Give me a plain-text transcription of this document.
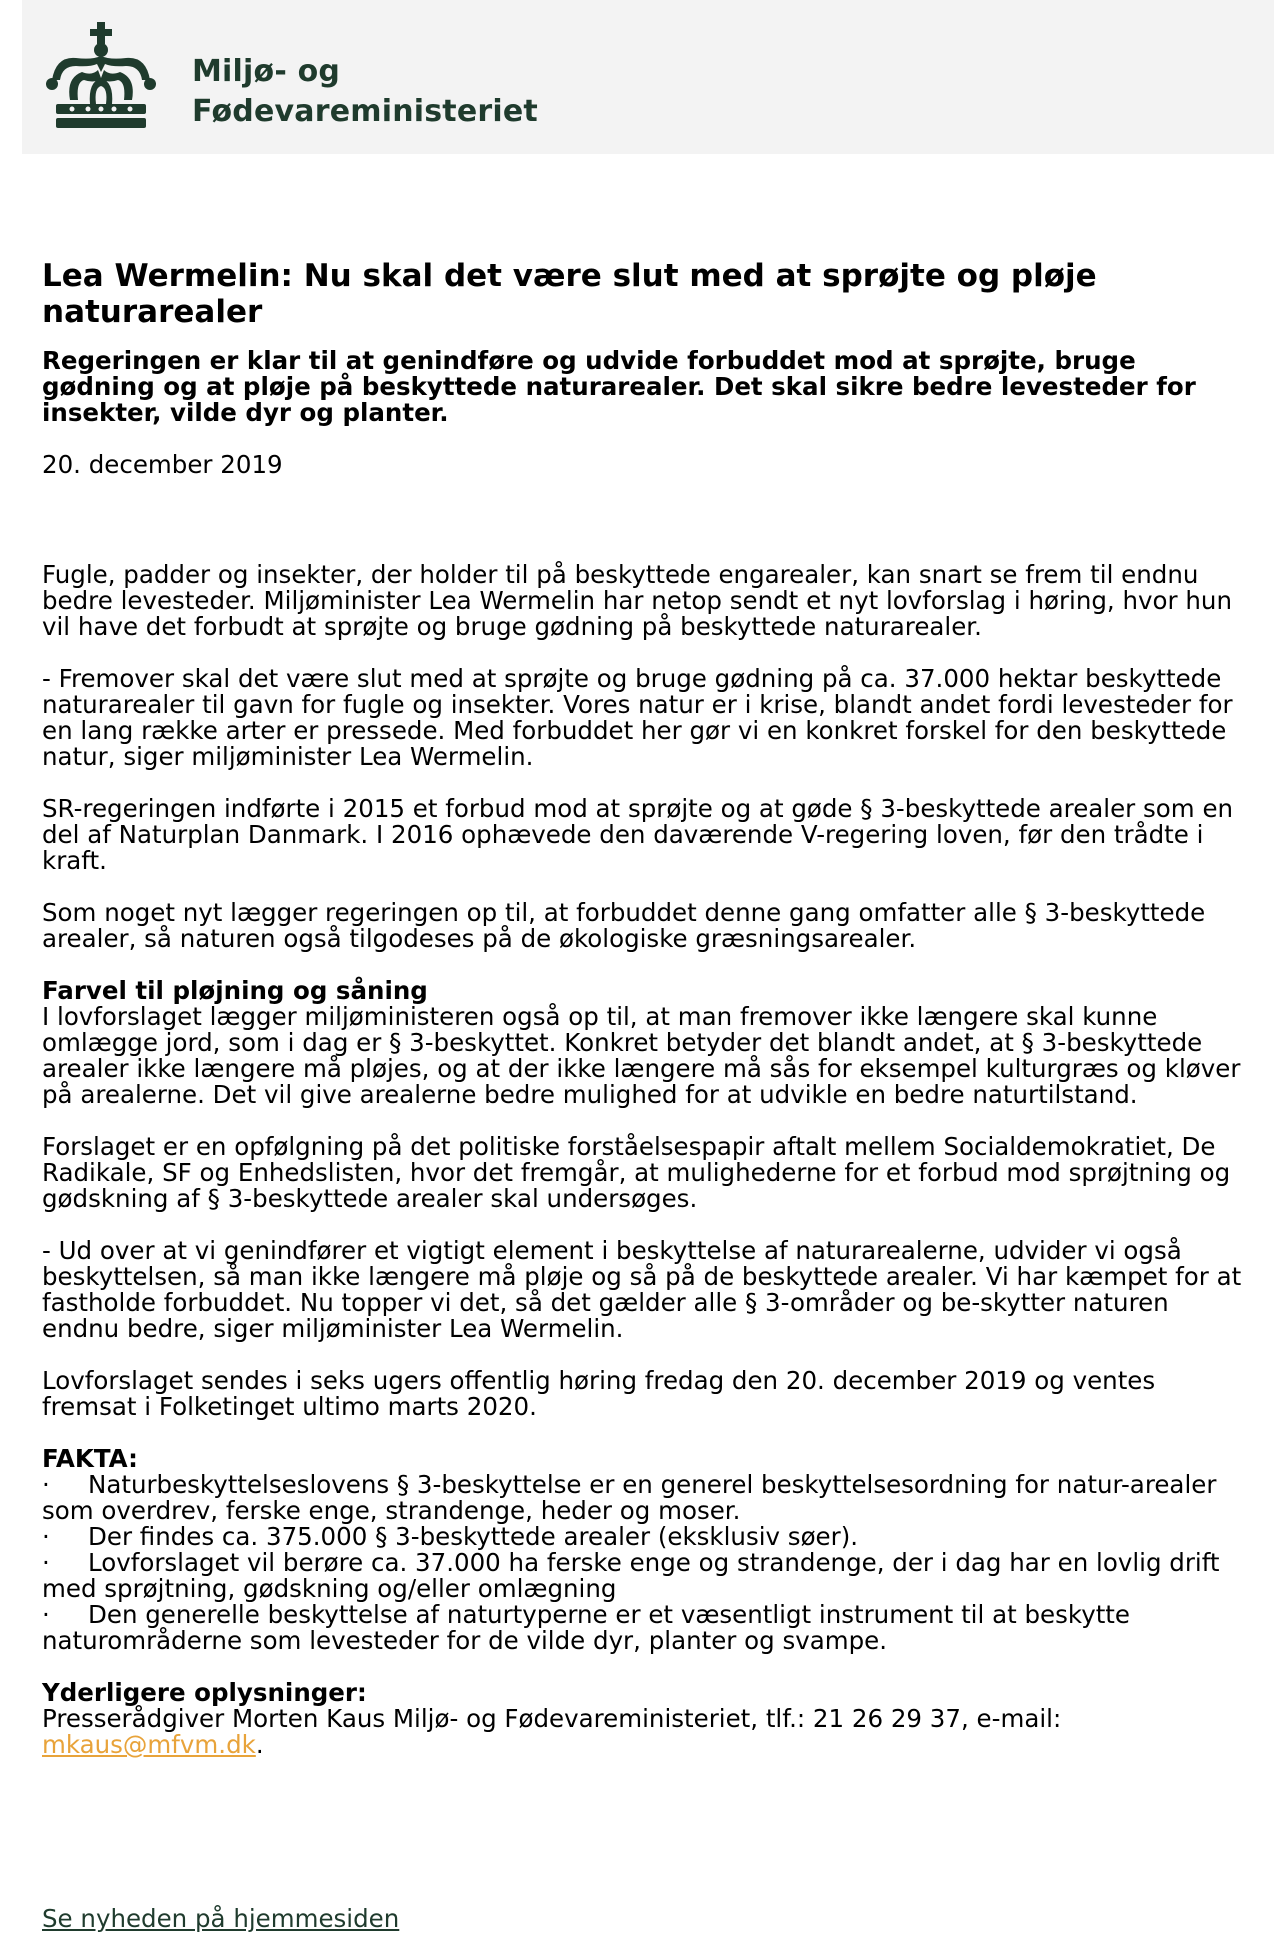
Miljø- og
Fødevareministeriet
Lea Wermelin: Nu skal det være slut med at sprøjte og pløje naturarealer

Regeringen er klar til at genindføre og udvide forbuddet mod at sprøjte, bruge gødning og at pløje på beskyttede naturarealer. Det skal sikre bedre levesteder for insekter, vilde dyr og planter.

20. december 2019

Fugle, padder og insekter, der holder til på beskyttede engarealer, kan snart se frem til endnu bedre levesteder. Miljøminister Lea Wermelin har netop sendt et nyt lovforslag i høring, hvor hun vil have det forbudt at sprøjte og bruge gødning på beskyttede naturarealer.

- Fremover skal det være slut med at sprøjte og bruge gødning på ca. 37.000 hektar beskyttede naturarealer til gavn for fugle og insekter. Vores natur er i krise, blandt andet fordi levesteder for en lang række arter er pressede. Med forbuddet her gør vi en konkret forskel for den beskyttede natur, siger miljøminister Lea Wermelin.

SR-regeringen indførte i 2015 et forbud mod at sprøjte og at gøde § 3-beskyttede arealer som en del af Naturplan Danmark. I 2016 ophævede den daværende V-regering loven, før den trådte i kraft.

Som noget nyt lægger regeringen op til, at forbuddet denne gang omfatter alle § 3-beskyttede arealer, så naturen også tilgodeses på de økologiske græsningsarealer.

Farvel til pløjning og såning

I lovforslaget lægger miljøministeren også op til, at man fremover ikke længere skal kunne omlægge jord, som i dag er § 3-beskyttet. Konkret betyder det blandt andet, at § 3-beskyttede arealer ikke længere må pløjes, og at der ikke længere må sås for eksempel kulturgræs og kløver på arealerne. Det vil give arealerne bedre mulighed for at udvikle en bedre naturtilstand.

Forslaget er en opfølgning på det politiske forståelsespapir aftalt mellem Socialdemokratiet, De Radikale, SF og Enhedslisten, hvor det fremgår, at mulighederne for et forbud mod sprøjtning og gødskning af § 3-beskyttede arealer skal undersøges.

- Ud over at vi genindfører et vigtigt element i beskyttelse af naturarealerne, udvider vi også beskyttelsen, så man ikke længere må pløje og så på de beskyttede arealer. Vi har kæmpet for at fastholde forbuddet. Nu topper vi det, så det gælder alle § 3-områder og be-skytter naturen endnu bedre, siger miljøminister Lea Wermelin.

Lovforslaget sendes i seks ugers offentlig høring fredag den 20. december 2019 og ventes fremsat i Folketinget ultimo marts 2020.

FAKTA:

· Naturbeskyttelseslovens § 3-beskyttelse er en generel beskyttelsesordning for natur-arealer som overdrev, ferske enge, strandenge, heder og moser.
· Der findes ca. 375.000 § 3-beskyttede arealer (eksklusiv søer).
· Lovforslaget vil berøre ca. 37.000 ha ferske enge og strandenge, der i dag har en lovlig drift med sprøjtning, gødskning og/eller omlægning
· Den generelle beskyttelse af naturtyperne er et væsentligt instrument til at beskytte naturområderne som levesteder for de vilde dyr, planter og svampe.

Yderligere oplysninger:

Presserådgiver Morten Kaus Miljø- og Fødevareministeriet, tlf.: 21 26 29 37, e-mail:
mkaus@mfvm.dk.

Se nyheden på hjemmesiden
